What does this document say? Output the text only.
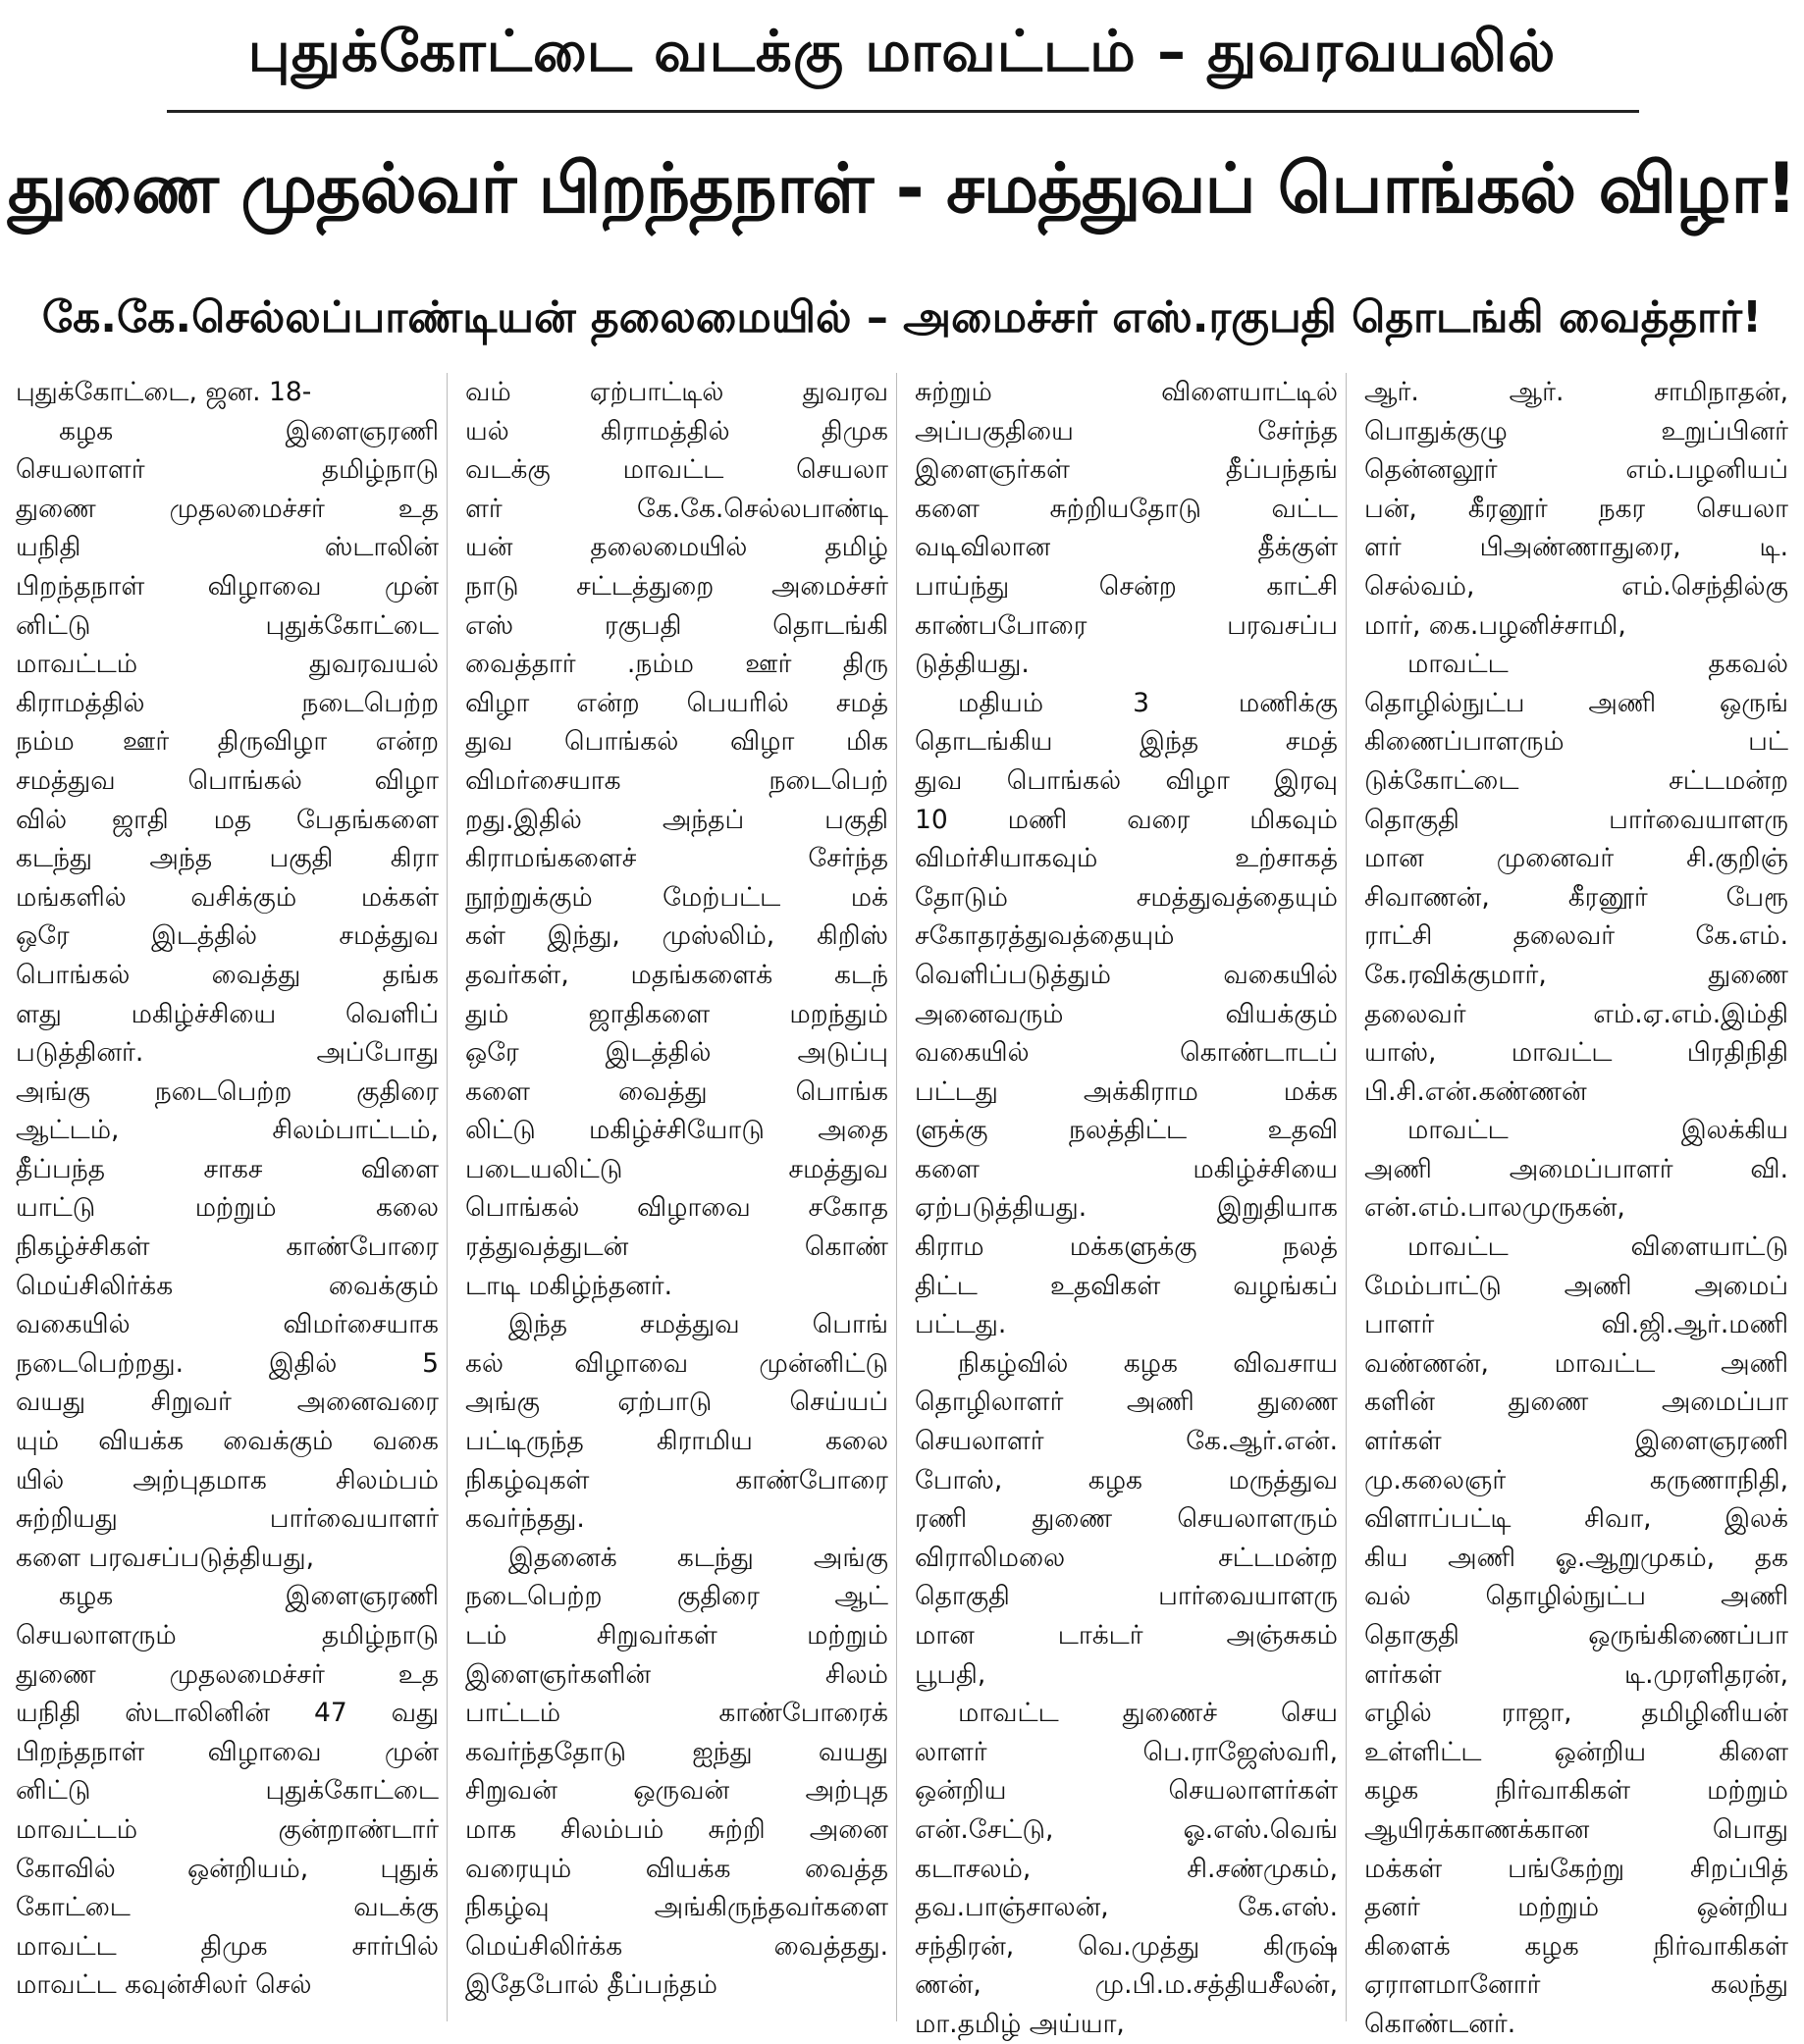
புதுக்கோட்டை வடக்கு மாவட்டம் – துவரவயலில்
துணை முதல்வர் பிறந்தநாள் - சமத்துவப் பொங்கல் விழா!
கே.கே.செல்லப்பாண்டியன் தலைமையில் – அமைச்சர் எஸ்.ரகுபதி தொடங்கி வைத்தார்!
புதுக்கோட்டை, ஜன. 18-
கழக இளைஞரணி
செயலாளர் தமிழ்நாடு
துணை முதலமைச்சர் உத
யநிதி ஸ்டாலின்
பிறந்தநாள் விழாவை முன்
னிட்டு புதுக்கோட்டை
மாவட்டம் துவரவயல்
கிராமத்தில் நடைபெற்ற
நம்ம ஊர் திருவிழா என்ற
சமத்துவ பொங்கல் விழா
வில் ஜாதி மத பேதங்களை
கடந்து அந்த பகுதி கிரா
மங்களில் வசிக்கும் மக்கள்
ஒரே இடத்தில் சமத்துவ
பொங்கல் வைத்து தங்க
ளது மகிழ்ச்சியை வெளிப்
படுத்தினர். அப்போது
அங்கு நடைபெற்ற குதிரை
ஆட்டம், சிலம்பாட்டம்,
தீப்பந்த சாகச விளை
யாட்டு மற்றும் கலை
நிகழ்ச்சிகள் காண்போரை
மெய்சிலிர்க்க வைக்கும்
வகையில் விமர்சையாக
நடைபெற்றது. இதில் 5
வயது சிறுவர் அனைவரை
யும் வியக்க வைக்கும் வகை
யில் அற்புதமாக சிலம்பம்
சுற்றியது பார்வையாளர்
களை பரவசப்படுத்தியது,
கழக இளைஞரணி
செயலாளரும் தமிழ்நாடு
துணை முதலமைச்சர் உத
யநிதி ஸ்டாலினின் 47 வது
பிறந்தநாள் விழாவை முன்
னிட்டு புதுக்கோட்டை
மாவட்டம் குன்றாண்டார்
கோவில் ஒன்றியம், புதுக்
கோட்டை வடக்கு
மாவட்ட திமுக சார்பில்
மாவட்ட கவுன்சிலர் செல்
வம் ஏற்பாட்டில் துவரவ
யல் கிராமத்தில் திமுக
வடக்கு மாவட்ட செயலா
ளர் கே.கே.செல்லபாண்டி
யன் தலைமையில் தமிழ்
நாடு சட்டத்துறை அமைச்சர்
எஸ் ரகுபதி தொடங்கி
வைத்தார் .நம்ம ஊர் திரு
விழா என்ற பெயரில் சமத்
துவ பொங்கல் விழா மிக
விமர்சையாக நடைபெற்
றது.இதில் அந்தப் பகுதி
கிராமங்களைச் சேர்ந்த
நூற்றுக்கும் மேற்பட்ட மக்
கள் இந்து, முஸ்லிம், கிறிஸ்
தவர்கள், மதங்களைக் கடந்
தும் ஜாதிகளை மறந்தும்
ஒரே இடத்தில் அடுப்பு
களை வைத்து பொங்க
லிட்டு மகிழ்ச்சியோடு அதை
படையலிட்டு சமத்துவ
பொங்கல் விழாவை சகோத
ரத்துவத்துடன் கொண்
டாடி மகிழ்ந்தனர்.
இந்த சமத்துவ பொங்
கல் விழாவை முன்னிட்டு
அங்கு ஏற்பாடு செய்யப்
பட்டிருந்த கிராமிய கலை
நிகழ்வுகள் காண்போரை
கவர்ந்தது.
இதனைக் கடந்து அங்கு
நடைபெற்ற குதிரை ஆட்
டம் சிறுவர்கள் மற்றும்
இளைஞர்களின் சிலம்
பாட்டம் காண்போரைக்
கவர்ந்ததோடு ஐந்து வயது
சிறுவன் ஒருவன் அற்புத
மாக சிலம்பம் சுற்றி அனை
வரையும் வியக்க வைத்த
நிகழ்வு அங்கிருந்தவர்களை
மெய்சிலிர்க்க வைத்தது.
இதேபோல் தீப்பந்தம்
சுற்றும் விளையாட்டில்
அப்பகுதியை சேர்ந்த
இளைஞர்கள் தீப்பந்தங்
களை சுற்றியதோடு வட்ட
வடிவிலான தீக்குள்
பாய்ந்து சென்ற காட்சி
காண்பபோரை பரவசப்ப
டுத்தியது.
மதியம் 3 மணிக்கு
தொடங்கிய இந்த சமத்
துவ பொங்கல் விழா இரவு
10 மணி வரை மிகவும்
விமர்சியாகவும் உற்சாகத்
தோடும் சமத்துவத்தையும்
சகோதரத்துவத்தையும்
வெளிப்படுத்தும் வகையில்
அனைவரும் வியக்கும்
வகையில் கொண்டாடப்
பட்டது அக்கிராம மக்க
ளுக்கு நலத்திட்ட உதவி
களை மகிழ்ச்சியை
ஏற்படுத்தியது. இறுதியாக
கிராம மக்களுக்கு நலத்
திட்ட உதவிகள் வழங்கப்
பட்டது.
நிகழ்வில் கழக விவசாய
தொழிலாளர் அணி துணை
செயலாளர் கே.ஆர்.என்.
போஸ், கழக மருத்துவ
ரணி துணை செயலாளரும்
விராலிமலை சட்டமன்ற
தொகுதி பார்வையாளரு
மான டாக்டர் அஞ்சுகம்
பூபதி,
மாவட்ட துணைச் செய
லாளர் பெ.ராஜேஸ்வரி,
ஒன்றிய செயலாளர்கள்
என்.சேட்டு, ஓ.எஸ்.வெங்
கடாசலம், சி.சண்முகம்,
தவ.பாஞ்சாலன், கே.எஸ்.
சந்திரன், வெ.முத்து கிருஷ்
ணன், மு.பி.ம.சத்தியசீலன்,
மா.தமிழ் அய்யா,
ஆர். ஆர். சாமிநாதன்,
பொதுக்குழு உறுப்பினர்
தென்னலூர் எம்.பழனியப்
பன், கீரனூர் நகர செயலா
ளர் பிஅண்ணாதுரை, டி.
செல்வம், எம்.செந்தில்கு
மார், கை.பழனிச்சாமி,
மாவட்ட தகவல்
தொழில்நுட்ப அணி ஒருங்
கிணைப்பாளரும் பட்
டுக்கோட்டை சட்டமன்ற
தொகுதி பார்வையாளரு
மான முனைவர் சி.குறிஞ்
சிவாணன், கீரனூர் பேரூ
ராட்சி தலைவர் கே.எம்.
கே.ரவிக்குமார், துணை
தலைவர் எம்.ஏ.எம்.இம்தி
யாஸ், மாவட்ட பிரதிநிதி
பி.சி.என்.கண்ணன்
மாவட்ட இலக்கிய
அணி அமைப்பாளர் வி.
என்.எம்.பாலமுருகன்,
மாவட்ட விளையாட்டு
மேம்பாட்டு அணி அமைப்
பாளர் வி.ஜி.ஆர்.மணி
வண்ணன், மாவட்ட அணி
களின் துணை அமைப்பா
ளர்கள் இளைஞரணி
மு.கலைஞர் கருணாநிதி,
விளாப்பட்டி சிவா, இலக்
கிய அணி ஓ.ஆறுமுகம், தக
வல் தொழில்நுட்ப அணி
தொகுதி ஒருங்கிணைப்பா
ளர்கள் டி.முரளிதரன்,
எழில் ராஜா, தமிழினியன்
உள்ளிட்ட ஒன்றிய கிளை
கழக நிர்வாகிகள் மற்றும்
ஆயிரக்காணக்கான பொது
மக்கள் பங்கேற்று சிறப்பித்
தனர் மற்றும் ஒன்றிய
கிளைக் கழக நிர்வாகிகள்
ஏராளமானோர் கலந்து
கொண்டனர்.
